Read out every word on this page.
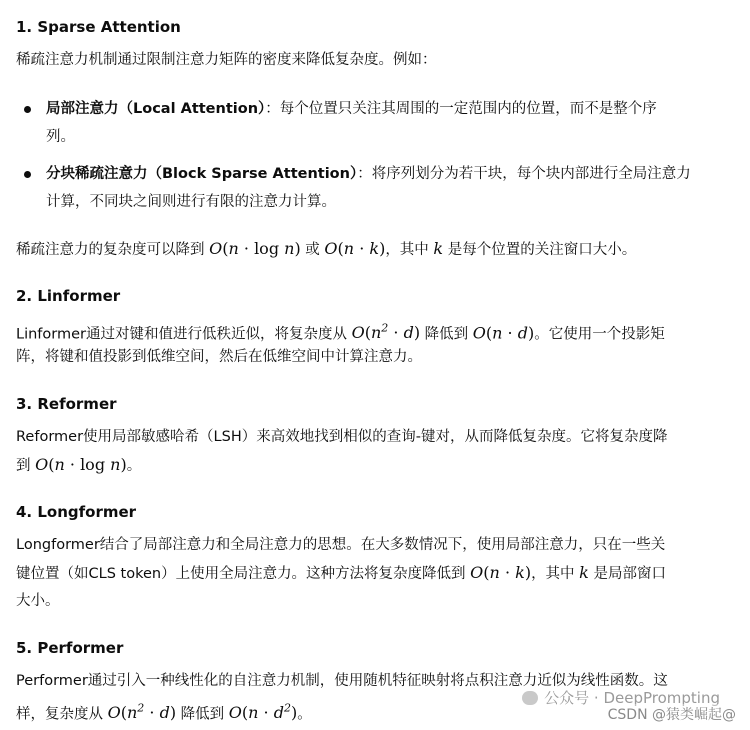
1. Sparse Attention
稀疏注意力机制通过限制注意力矩阵的密度来降低复杂度。例如：
局部注意力（Local Attention）：每个位置只关注其周围的一定范围内的位置，而不是整个序
列。
分块稀疏注意力（Block Sparse Attention）：将序列划分为若干块，每个块内部进行全局注意力
计算，不同块之间则进行有限的注意力计算。
稀疏注意力的复杂度可以降到 O(n · log n) 或 O(n · k)，其中 k 是每个位置的关注窗口大小。
2. Linformer
Linformer通过对键和值进行低秩近似，将复杂度从 $O(n^2 \cdot d)$ 降低到 O(n · d)。它使用一个投影矩
阵，将键和值投影到低维空间，然后在低维空间中计算注意力。
3. Reformer
Reformer使用局部敏感哈希（LSH）来高效地找到相似的查询-键对，从而降低复杂度。它将复杂度降
到 O(n · log n)。
4. Longformer
Longformer结合了局部注意力和全局注意力的思想。在大多数情况下，使用局部注意力，只在一些关
键位置（如CLS token）上使用全局注意力。这种方法将复杂度降低到 O(n · k)，其中 k 是局部窗口
大小。
5. Performer
Performer通过引入一种线性化的自注意力机制，使用随机特征映射将点积注意力近似为线性函数。这
样，复杂度从 $O(n^2 \cdot d)$ 降低到 $O(n \cdot d^2)$。
公众号 · DeepPrompting
CSDN @猿类崛起@
